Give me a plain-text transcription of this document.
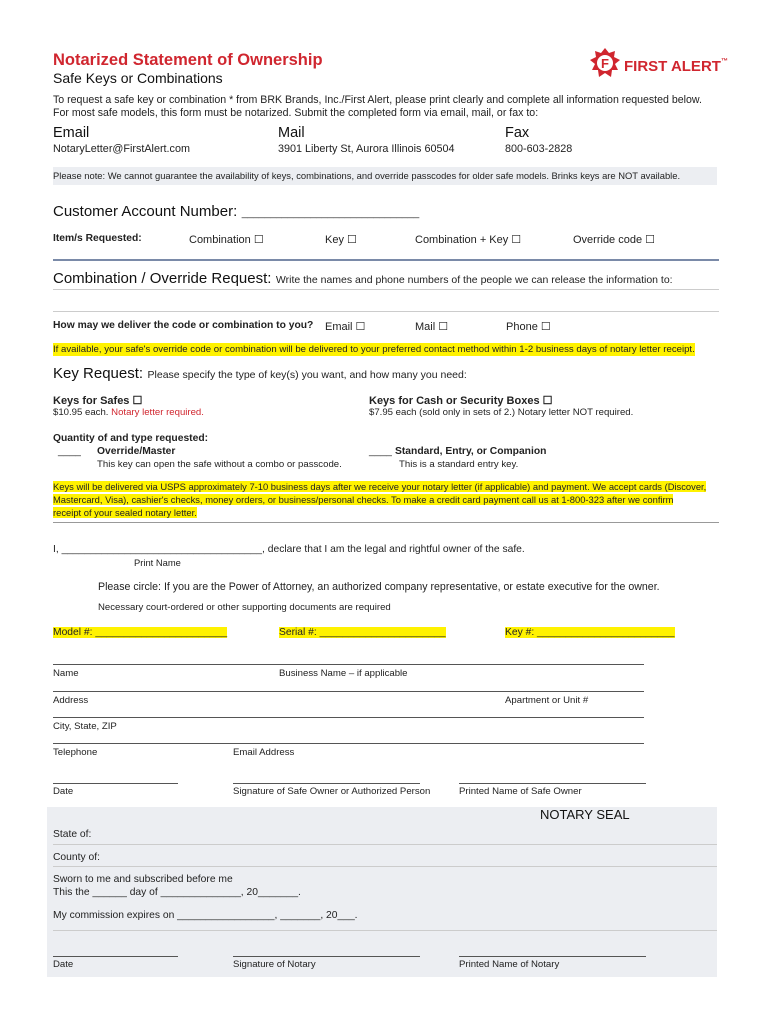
Notarized Statement of Ownership
Safe Keys or Combinations
F FIRST ALERT™
To request a safe key or combination * from BRK Brands, Inc./First Alert, please print clearly and complete all information requested below.
For most safe models, this form must be notarized. Submit the completed form via email, mail, or fax to:
Email
NotaryLetter@FirstAlert.com
Mail
3901 Liberty St, Aurora Illinois 60504
Fax
800-603-2828
Please note: We cannot guarantee the availability of keys, combinations, and override passcodes for older safe models. Brinks keys are NOT available.
Customer Account Number: _______________________________
Item/s Requested:	Combination ☐	Key ☐	Combination + Key ☐	Override code ☐
Combination / Override Request: Write the names and phone numbers of the people we can release the information to:
How may we deliver the code or combination to you? Email ☐	Mail ☐	Phone ☐
If available, your safe's override code or combination will be delivered to your preferred contact method within 1-2 business days of notary letter receipt.
Key Request: Please specify the type of key(s) you want, and how many you need:
Keys for Safes ☐
$10.95 each. Notary letter required.
Keys for Cash or Security Boxes ☐
$7.95 each (sold only in sets of 2.) Notary letter NOT required.
Quantity of and type requested:
____ Override/Master
This key can open the safe without a combo or passcode.
____ Standard, Entry, or Companion
This is a standard entry key.
Keys will be delivered via USPS approximately 7-10 business days after we receive your notary letter (if applicable) and payment. We accept cards (Discover,
Mastercard, Visa), cashier's checks, money orders, or business/personal checks. To make a credit card payment call us at 1-800-323 after we confirm
receipt of your sealed notary letter.
I, ___________________________________, declare that I am the legal and rightful owner of the safe.
Print Name
Please circle: If you are the Power of Attorney, an authorized company representative, or estate executive for the owner.
Necessary court-ordered or other supporting documents are required
Model #: _______________________	Serial #: ______________________	Key #: ________________________
Name	Business Name – if applicable
Address	Apartment or Unit #
City, State, ZIP
Telephone	Email Address
Date	Signature of Safe Owner or Authorized Person	Printed Name of Safe Owner
NOTARY SEAL
State of:
County of:
Sworn to me and subscribed before me
This the ______ day of ______________, 20_______.
My commission expires on _________________, _______, 20___.
Date	Signature of Notary	Printed Name of Notary
